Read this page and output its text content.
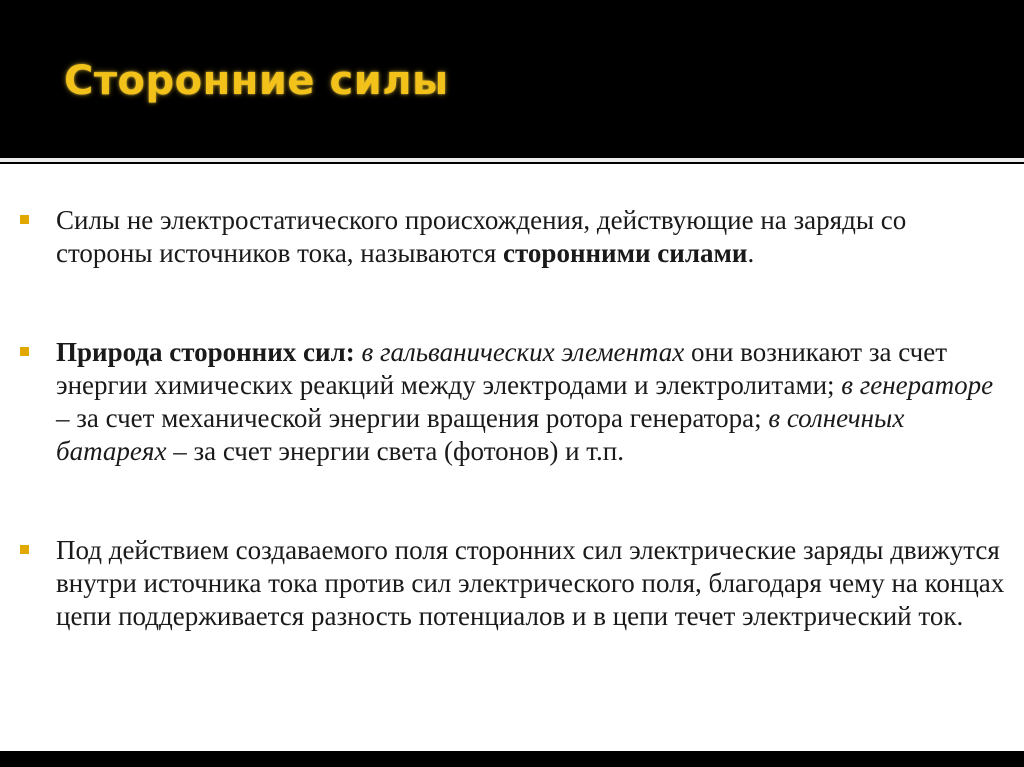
Сторонние силы
Силы не электростатического происхождения, действующие на заряды со стороны источников тока, называются сторонними силами.
Природа сторонних сил: в гальванических элементах они возникают за счет энергии химических реакций между электродами и электролитами; в генераторе – за счет механической энергии вращения ротора генератора; в солнечных батареях – за счет энергии света (фотонов) и т.п.
Под действием создаваемого поля сторонних сил электрические заряды движутся внутри источника тока против сил электрического поля, благодаря чему на концах цепи поддерживается разность потенциалов и в цепи течет электрический ток.
